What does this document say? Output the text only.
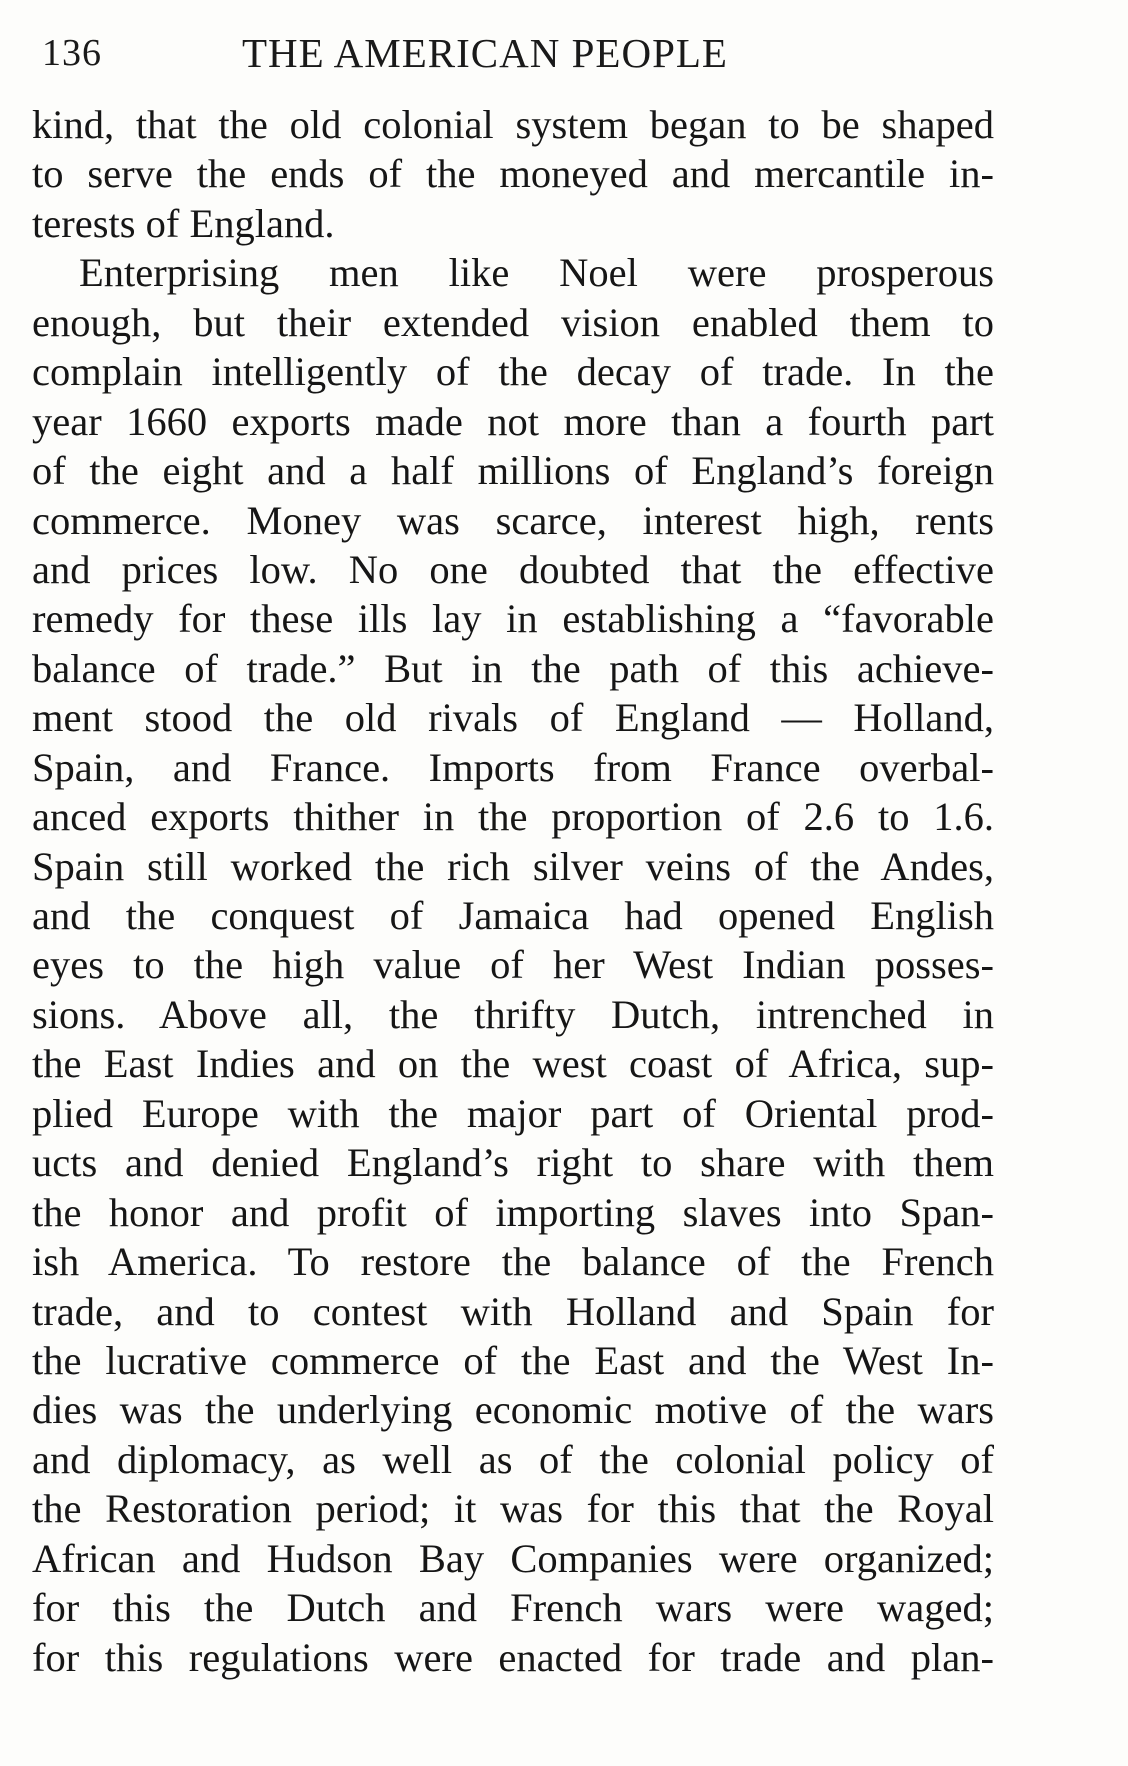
136	THE AMERICAN PEOPLE
kind, that the old colonial system began to be shaped
to serve the ends of the moneyed and mercantile in-
terests of England.
Enterprising men like Noel were prosperous
enough, but their extended vision enabled them to
complain intelligently of the decay of trade. In the
year 1660 exports made not more than a fourth part
of the eight and a half millions of England’s foreign
commerce. Money was scarce, interest high, rents
and prices low. No one doubted that the effective
remedy for these ills lay in establishing a “favorable
balance of trade.” But in the path of this achieve-
ment stood the old rivals of England — Holland,
Spain, and France. Imports from France overbal-
anced exports thither in the proportion of 2.6 to 1.6.
Spain still worked the rich silver veins of the Andes,
and the conquest of Jamaica had opened English
eyes to the high value of her West Indian posses-
sions. Above all, the thrifty Dutch, intrenched in
the East Indies and on the west coast of Africa, sup-
plied Europe with the major part of Oriental prod-
ucts and denied England’s right to share with them
the honor and profit of importing slaves into Span-
ish America. To restore the balance of the French
trade, and to contest with Holland and Spain for
the lucrative commerce of the East and the West In-
dies was the underlying economic motive of the wars
and diplomacy, as well as of the colonial policy of
the Restoration period; it was for this that the Royal
African and Hudson Bay Companies were organized;
for this the Dutch and French wars were waged;
for this regulations were enacted for trade and plan-
